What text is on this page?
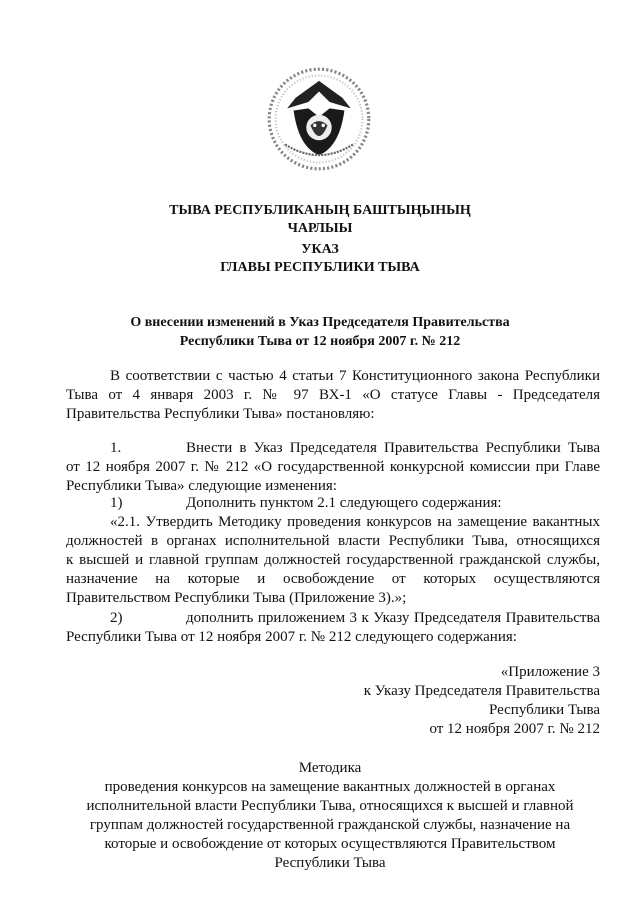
ТЫВА РЕСПУБЛИКАНЫҢ БАШТЫҢЫНЫҢ
ЧАРЛЫЫ
УКАЗ
ГЛАВЫ РЕСПУБЛИКИ ТЫВА
О внесении изменений в Указ Председателя Правительства
Республики Тыва от 12 ноября 2007 г. № 212
В соответствии с частью 4 статьи 7 Конституционного закона Республики
Тыва от 4 января 2003 г. № 97 ВХ-1 «О статусе Главы - Председателя
Правительства Республики Тыва» постановляю:
1.	Внести в Указ Председателя Правительства Республики Тыва
от 12 ноября 2007 г. № 212 «О государственной конкурсной комиссии при Главе
Республики Тыва» следующие изменения:
1)	Дополнить пунктом 2.1 следующего содержания:
«2.1. Утвердить Методику проведения конкурсов на замещение вакантных
должностей в органах исполнительной власти Республики Тыва, относящихся
к высшей и главной группам должностей государственной гражданской службы,
назначение на которые и освобождение от которых осуществляются
Правительством Республики Тыва (Приложение 3).»;
2)	дополнить приложением 3 к Указу Председателя Правительства
Республики Тыва от 12 ноября 2007 г. № 212 следующего содержания:
«Приложение 3
к Указу Председателя Правительства
Республики Тыва
от 12 ноября 2007 г. № 212
Методика
проведения конкурсов на замещение вакантных должностей в органах
исполнительной власти Республики Тыва, относящихся к высшей и главной
группам должностей государственной гражданской службы, назначение на
которые и освобождение от которых осуществляются Правительством
Республики Тыва
